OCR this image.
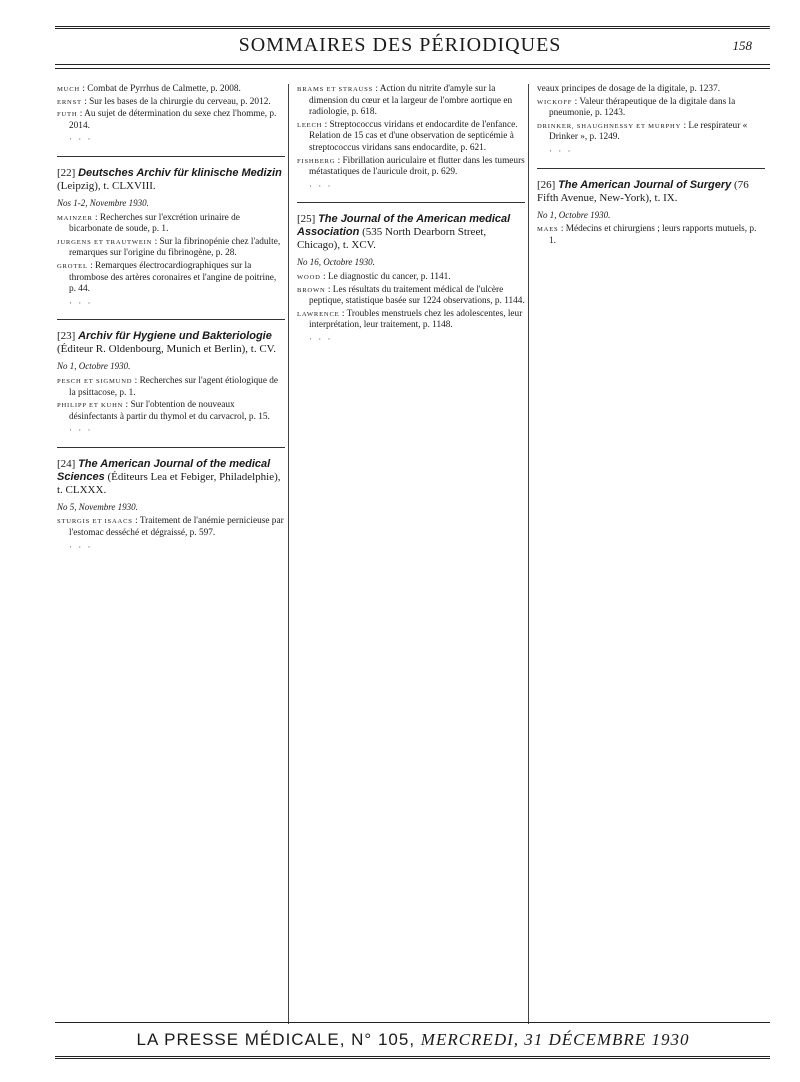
SOMMAIRES DES PÉRIODIQUES	158
MUCH : Combat de Pyrrhus de Calmette, p. 2008.
ERNST : Sur les bases de la chirurgie du cerveau, p. 2012.
FUTH : Au sujet de détermination du sexe chez l'homme, p. 2014.
· · ·
[22] Deutsches Archiv für klinische Medizin (Leipzig), t. CLXVIII.
Nos 1-2, Novembre 1930.
MAINZER : Recherches sur l'excrétion urinaire de bicarbonate de soude, p. 1.
JURGENS ET TRAUTWEIN : Sur la fibrinopénie chez l'adulte, remarques sur l'origine du fibrinogène, p. 28.
GROTEL : Remarques électrocardiographiques sur la thrombose des artères coronaires et l'angine de poitrine, p. 44.
· · ·
[23] Archiv für Hygiene und Bakteriologie (Éditeur R. Oldenbourg, Munich et Berlin), t. CV.
No 1, Octobre 1930.
PESCH ET SIGMUND : Recherches sur l'agent étiologique de la psittacose, p. 1.
PHILIPP ET KUHN : Sur l'obtention de nouveaux désinfectants à partir du thymol et du carvacrol, p. 15.
· · ·
[24] The American Journal of the medical Sciences (Éditeurs Lea et Febiger, Philadelphie), t. CLXXX.
No 5, Novembre 1930.
STURGIS ET ISAACS : Traitement de l'anémie pernicieuse par l'estomac desséché et dégraissé, p. 597.
· · ·
BRAMS ET STRAUSS : Action du nitrite d'amyle sur la dimension du cœur et la largeur de l'ombre aortique en radiologie, p. 618.
LEECH : Streptococcus viridans et endocardite de l'enfance. Relation de 15 cas et d'une observation de septicémie à streptococcus viridans sans endocardite, p. 621.
FISHBERG : Fibrillation auriculaire et flutter dans les tumeurs métastatiques de l'auricule droit, p. 629.
· · ·
[25] The Journal of the American medical Association (535 North Dearborn Street, Chicago), t. XCV.
No 16, Octobre 1930.
WOOD : Le diagnostic du cancer, p. 1141.
BROWN : Les résultats du traitement médical de l'ulcère peptique, statistique basée sur 1224 observations, p. 1144.
LAWRENCE : Troubles menstruels chez les adolescentes, leur interprétation, leur traitement, p. 1148.
· · ·
veaux principes de dosage de la digitale, p. 1237.
WICKOFF : Valeur thérapeutique de la digitale dans la pneumonie, p. 1243.
DRINKER, SHAUGHNESSY ET MURPHY : Le respirateur « Drinker », p. 1249.
· · ·
[26] The American Journal of Surgery (76 Fifth Avenue, New-York), t. IX.
No 1, Octobre 1930.
MAES : Médecins et chirurgiens ; leurs rapports mutuels, p. 1.
LA PRESSE MÉDICALE, N° 105, MERCREDI, 31 DÉCEMBRE 1930
